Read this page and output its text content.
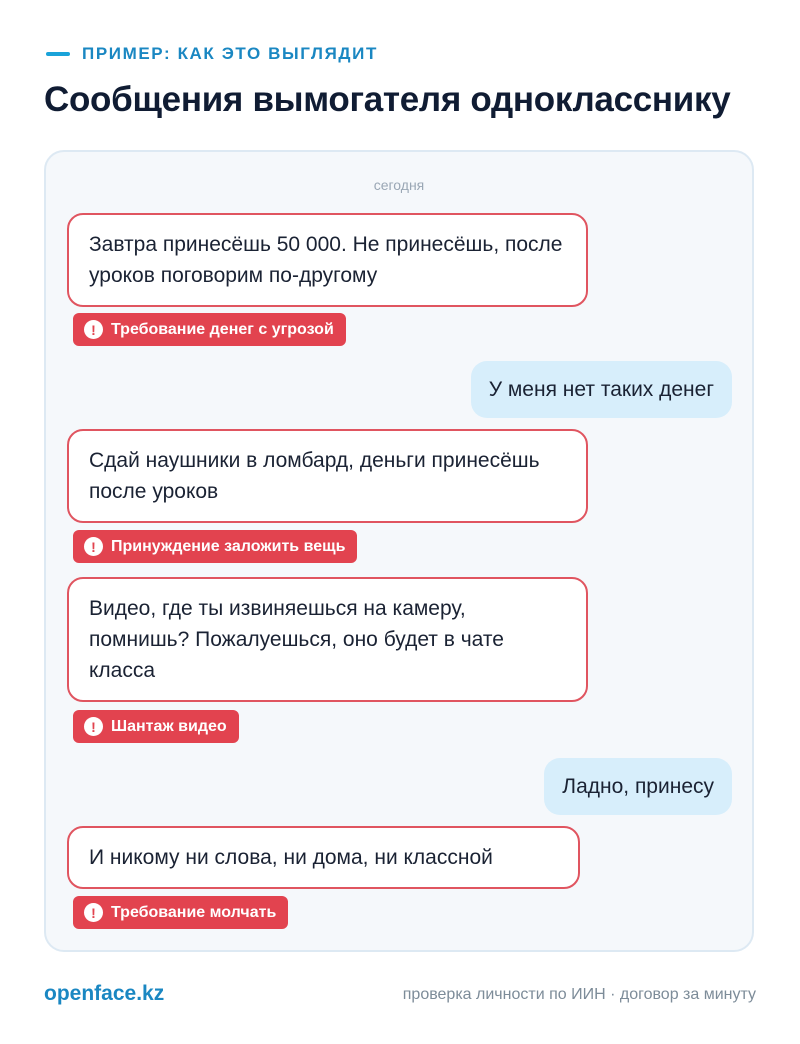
ПРИМЕР: КАК ЭТО ВЫГЛЯДИТ
Сообщения вымогателя однокласснику
сегодня
Завтра принесёшь 50 000. Не принесёшь, после уроков поговорим по-другому
! Требование денег с угрозой
У меня нет таких денег
Сдай наушники в ломбард, деньги принесёшь после уроков
! Принуждение заложить вещь
Видео, где ты извиняешься на камеру, помнишь? Пожалуешься, оно будет в чате класса
! Шантаж видео
Ладно, принесу
И никому ни слова, ни дома, ни классной
! Требование молчать
openface.kz	проверка личности по ИИН · договор за минуту
